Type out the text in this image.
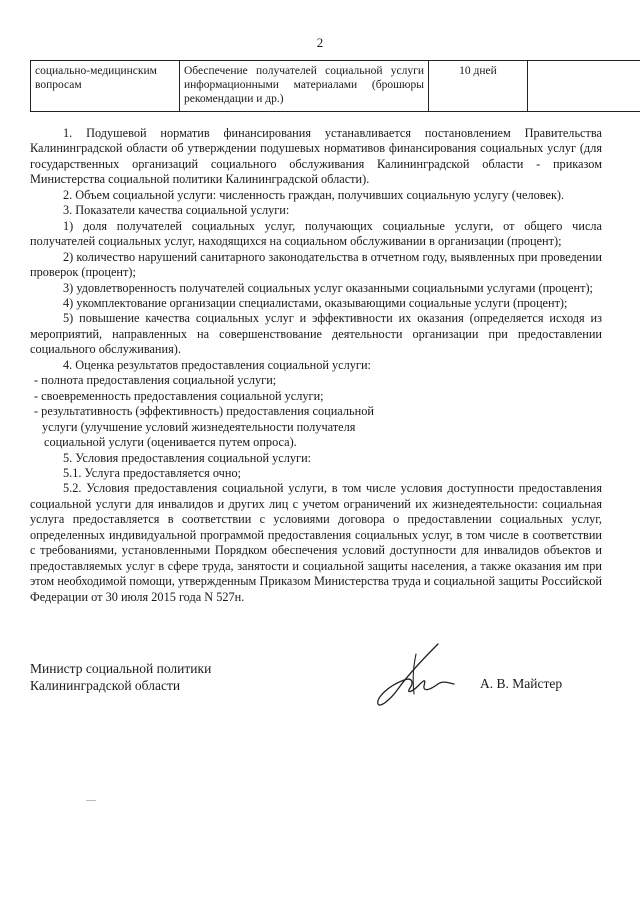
2
социально-медицинским вопросам	Обеспечение получателей социальной услуги информационными материалами (брошюры рекомендации и др.)	10 дней	

1. Подушевой норматив финансирования устанавливается постановлением Правительства Калининградской области об утверждении подушевых нормативов финансирования социальных услуг (для государственных организаций социального обслуживания Калининградской области - приказом Министерства социальной политики Калининградской области).

2. Объем социальной услуги: численность граждан, получивших социальную услугу (человек).

3. Показатели качества социальной услуги:

1) доля получателей социальных услуг, получающих социальные услуги, от общего числа получателей социальных услуг, находящихся на социальном обслуживании в организации (процент);

2) количество нарушений санитарного законодательства в отчетном году, выявленных при проведении проверок (процент);

3) удовлетворенность получателей социальных услуг оказанными социальными услугами (процент);

4) укомплектование организации специалистами, оказывающими социальные услуги (процент);

5) повышение качества социальных услуг и эффективности их оказания (определяется исходя из мероприятий, направленных на совершенствование деятельности организации при предоставлении социального обслуживания).

4. Оценка результатов предоставления социальной услуги:

- полнота предоставления социальной услуги;

- своевременность предоставления социальной услуги;

- результативность (эффективность) предоставления социальной

услуги (улучшение условий жизнедеятельности получателя

социальной услуги (оценивается путем опроса).

5. Условия предоставления социальной услуги:

5.1. Услуга предоставляется очно;

5.2. Условия предоставления социальной услуги, в том числе условия доступности предоставления социальной услуги для инвалидов и других лиц с учетом ограничений их жизнедеятельности: социальная услуга предоставляется в соответствии с условиями договора о предоставлении социальных услуг, определенных индивидуальной программой предоставления социальных услуг, в том числе в соответствии с требованиями, установленными Порядком обеспечения условий доступности для инвалидов объектов и предоставляемых услуг в сфере труда, занятости и социальной защиты населения, а также оказания им при этом необходимой помощи, утвержденным Приказом Министерства труда и социальной защиты Российской Федерации от 30 июля 2015 года N 527н.

Министр социальной политики
Калининградской области	А. В. Майстер
